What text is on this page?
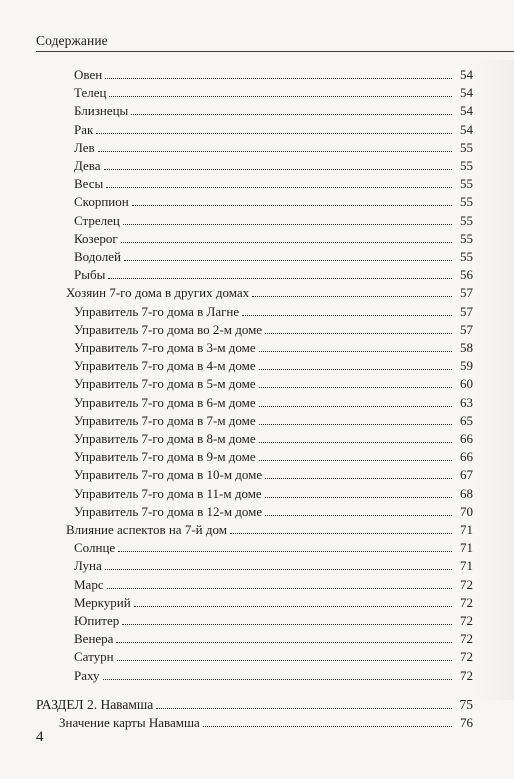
Содержание
Овен	54
Телец	54
Близнецы	54
Рак	54
Лев	55
Дева	55
Весы	55
Скорпион	55
Стрелец	55
Козерог	55
Водолей	55
Рыбы	56
Хозяин 7-го дома в других домах	57
Управитель 7-го дома в Лагне	57
Управитель 7-го дома во 2-м доме	57
Управитель 7-го дома в 3-м доме	58
Управитель 7-го дома в 4-м доме	59
Управитель 7-го дома в 5-м доме	60
Управитель 7-го дома в 6-м доме	63
Управитель 7-го дома в 7-м доме	65
Управитель 7-го дома в 8-м доме	66
Управитель 7-го дома в 9-м доме	66
Управитель 7-го дома в 10-м доме	67
Управитель 7-го дома в 11-м доме	68
Управитель 7-го дома в 12-м доме	70
Влияние аспектов на 7-й дом	71
Солнце	71
Луна	71
Марс	72
Меркурий	72
Юпитер	72
Венера	72
Сатурн	72
Раху	72
РАЗДЕЛ 2. Навамша	75
Значение карты Навамша	76
4
